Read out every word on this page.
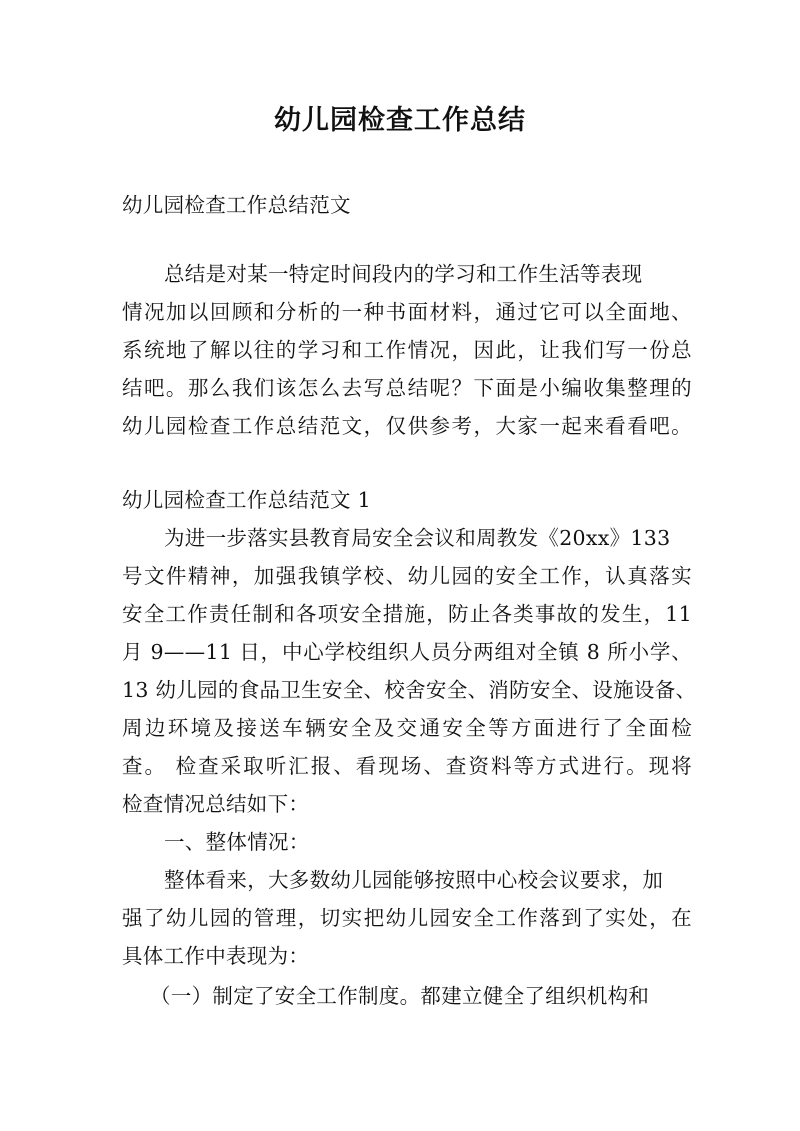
幼儿园检查工作总结
幼儿园检查工作总结范文
总结是对某一特定时间段内的学习和工作生活等表现
情况加以回顾和分析的一种书面材料，通过它可以全面地、
系统地了解以往的学习和工作情况，因此，让我们写一份总
结吧。那么我们该怎么去写总结呢？下面是小编收集整理的
幼儿园检查工作总结范文，仅供参考，大家一起来看看吧。
幼儿园检查工作总结范文 1
为进一步落实县教育局安全会议和周教发《20xx》133
号文件精神，加强我镇学校、幼儿园的安全工作，认真落实
安全工作责任制和各项安全措施，防止各类事故的发生，11
月 9——11 日，中心学校组织人员分两组对全镇 8 所小学、
13 幼儿园的食品卫生安全、校舍安全、消防安全、设施设备、
周边环境及接送车辆安全及交通安全等方面进行了全面检
查。 检查采取听汇报、看现场、查资料等方式进行。现将
检查情况总结如下：
一、整体情况：
整体看来，大多数幼儿园能够按照中心校会议要求，加
强了幼儿园的管理，切实把幼儿园安全工作落到了实处，在
具体工作中表现为：
（一）制定了安全工作制度。都建立健全了组织机构和
